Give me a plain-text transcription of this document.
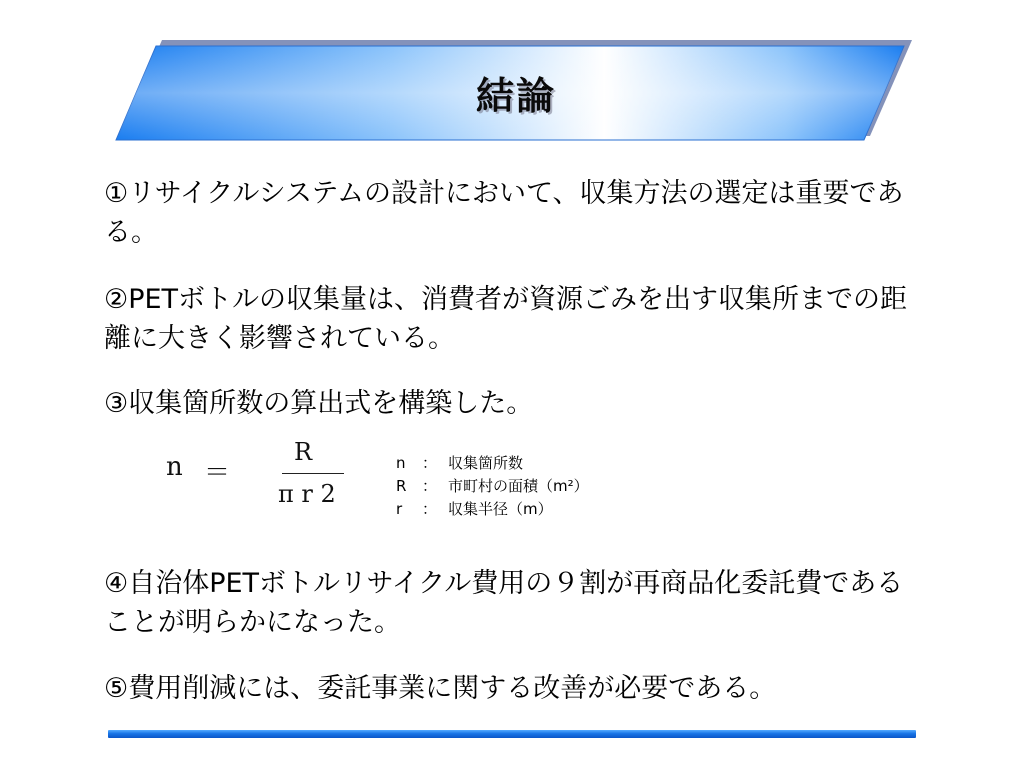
結論

①リサイクルシステムの設計において、収集方法の選定は重要である。

②PETボトルの収集量は、消費者が資源ごみを出す収集所までの距離に大きく影響されている。

③収集箇所数の算出式を構築した。

n ＝
R
π r 2
n	： 収集箇所数
R	： 市町村の面積（m²）
r	： 収集半径（m）

④自治体PETボトルリサイクル費用の９割が再商品化委託費であることが明らかになった。

⑤費用削減には、委託事業に関する改善が必要である。
